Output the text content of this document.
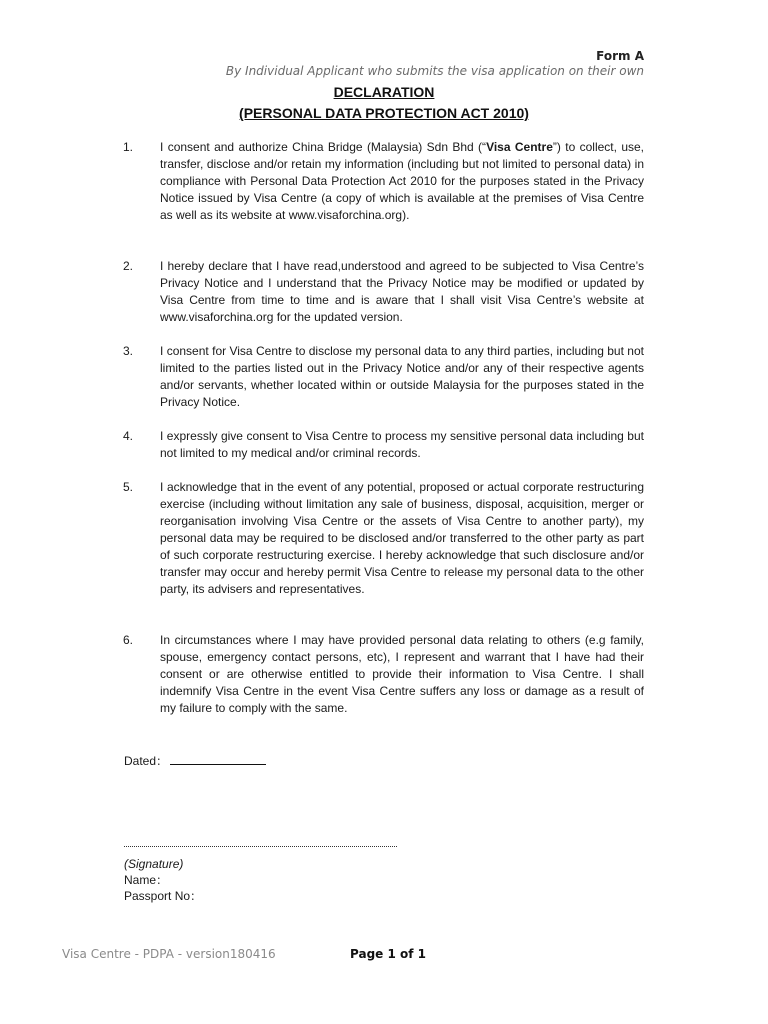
Form A
By Individual Applicant who submits the visa application on their own
DECLARATION
(PERSONAL DATA PROTECTION ACT 2010)
1. I consent and authorize China Bridge (Malaysia) Sdn Bhd (“Visa Centre”) to collect, use, transfer, disclose and/or retain my information (including but not limited to personal data) in compliance with Personal Data Protection Act 2010 for the purposes stated in the Privacy Notice issued by Visa Centre (a copy of which is available at the premises of Visa Centre as well as its website at www.visaforchina.org).
2. I hereby declare that I have read,understood and agreed to be subjected to Visa Centre’s Privacy Notice and I understand that the Privacy Notice may be modified or updated by Visa Centre from time to time and is aware that I shall visit Visa Centre’s website at www.visaforchina.org for the updated version.
3. I consent for Visa Centre to disclose my personal data to any third parties, including but not limited to the parties listed out in the Privacy Notice and/or any of their respective agents and/or servants, whether located within or outside Malaysia for the purposes stated in the Privacy Notice.
4. I expressly give consent to Visa Centre to process my sensitive personal data including but not limited to my medical and/or criminal records.
5. I acknowledge that in the event of any potential, proposed or actual corporate restructuring exercise (including without limitation any sale of business, disposal, acquisition, merger or reorganisation involving Visa Centre or the assets of Visa Centre to another party), my personal data may be required to be disclosed and/or transferred to the other party as part of such corporate restructuring exercise. I hereby acknowledge that such disclosure and/or transfer may occur and hereby permit Visa Centre to release my personal data to the other party, its advisers and representatives.
6. In circumstances where I may have provided personal data relating to others (e.g family, spouse, emergency contact persons, etc), I represent and warrant that I have had their consent or are otherwise entitled to provide their information to Visa Centre. I shall indemnify Visa Centre in the event Visa Centre suffers any loss or damage as a result of my failure to comply with the same.
Dated：
(Signature)
Name：
Passport No：
Visa Centre - PDPA - version180416	Page 1 of 1
